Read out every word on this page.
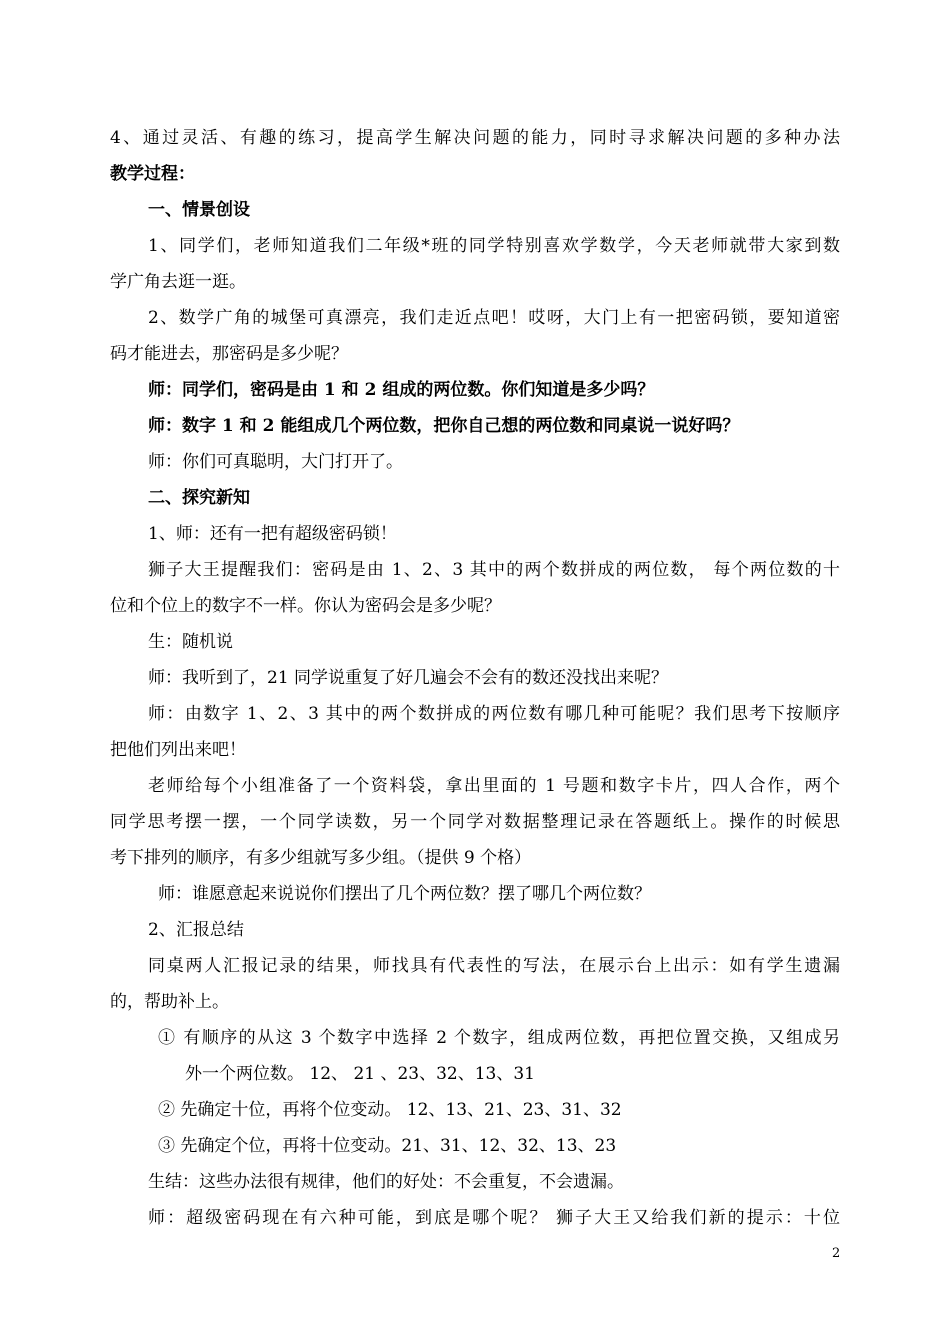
4、通过灵活、有趣的练习，提高学生解决问题的能力，同时寻求解决问题的多种办法
教学过程：
一、情景创设
1、同学们，老师知道我们二年级*班的同学特别喜欢学数学，今天老师就带大家到数
学广角去逛一逛。
2、数学广角的城堡可真漂亮，我们走近点吧！哎呀，大门上有一把密码锁，要知道密
码才能进去，那密码是多少呢？
师：同学们，密码是由 1 和 2 组成的两位数。你们知道是多少吗？
师：数字 1 和 2 能组成几个两位数，把你自己想的两位数和同桌说一说好吗？
师：你们可真聪明，大门打开了。
二、探究新知
1、师：还有一把有超级密码锁！
狮子大王提醒我们：密码是由 1、2、3 其中的两个数拼成的两位数， 每个两位数的十
位和个位上的数字不一样。你认为密码会是多少呢？
生：随机说
师：我听到了，21 同学说重复了好几遍会不会有的数还没找出来呢？
师：由数字 1、2、3 其中的两个数拼成的两位数有哪几种可能呢？我们思考下按顺序
把他们列出来吧！
老师给每个小组准备了一个资料袋，拿出里面的 1 号题和数字卡片，四人合作，两个
同学思考摆一摆，一个同学读数，另一个同学对数据整理记录在答题纸上。操作的时候思
考下排列的顺序，有多少组就写多少组。（提供 9 个格）
师：谁愿意起来说说你们摆出了几个两位数？摆了哪几个两位数？
2、汇报总结
同桌两人汇报记录的结果，师找具有代表性的写法，在展示台上出示：如有学生遗漏
的，帮助补上。
① 有顺序的从这 3 个数字中选择 2 个数字，组成两位数，再把位置交换，又组成另
外一个两位数。 12、 21 、23、32、13、31
② 先确定十位，再将个位变动。 12、13、21、23、31、32
③ 先确定个位，再将十位变动。21、31、12、32、13、23
生结：这些办法很有规律，他们的好处：不会重复，不会遗漏。
师：超级密码现在有六种可能，到底是哪个呢？ 狮子大王又给我们新的提示：十位
2
